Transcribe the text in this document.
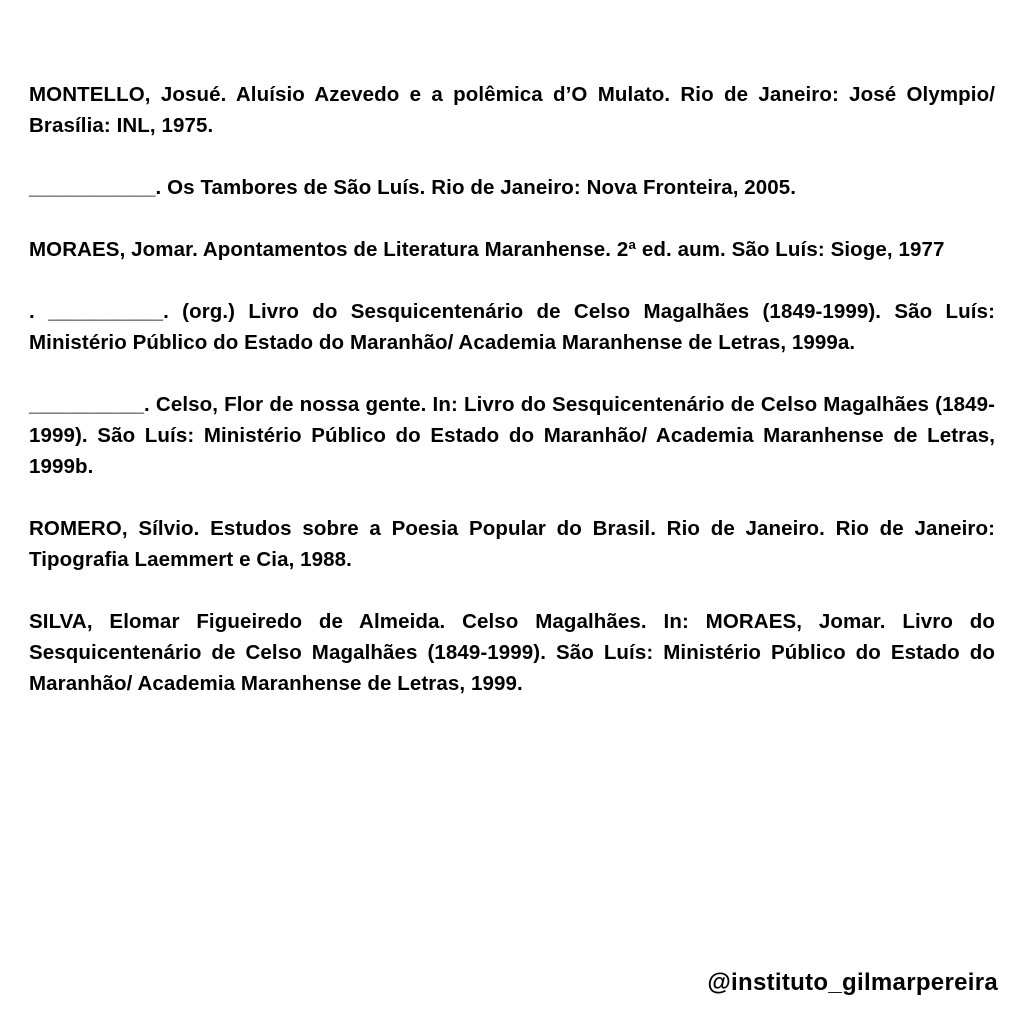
MONTELLO, Josué. Aluísio Azevedo e a polêmica d’O Mulato. Rio de Janeiro: José Olympio/ Brasília: INL, 1975.

___________. Os Tambores de São Luís. Rio de Janeiro: Nova Fronteira, 2005.

MORAES, Jomar. Apontamentos de Literatura Maranhense. 2ª ed. aum. São Luís: Sioge, 1977

. __________. (org.) Livro do Sesquicentenário de Celso Magalhães (1849-1999). São Luís: Ministério Público do Estado do Maranhão/ Academia Maranhense de Letras, 1999a.

__________. Celso, Flor de nossa gente. In: Livro do Sesquicentenário de Celso Magalhães (1849-1999). São Luís: Ministério Público do Estado do Maranhão/ Academia Maranhense de Letras, 1999b.

ROMERO, Sílvio. Estudos sobre a Poesia Popular do Brasil. Rio de Janeiro. Rio de Janeiro: Tipografia Laemmert e Cia, 1988.

SILVA, Elomar Figueiredo de Almeida. Celso Magalhães. In: MORAES, Jomar. Livro do Sesquicentenário de Celso Magalhães (1849-1999). São Luís: Ministério Público do Estado do Maranhão/ Academia Maranhense de Letras, 1999.

@instituto_gilmarpereira
